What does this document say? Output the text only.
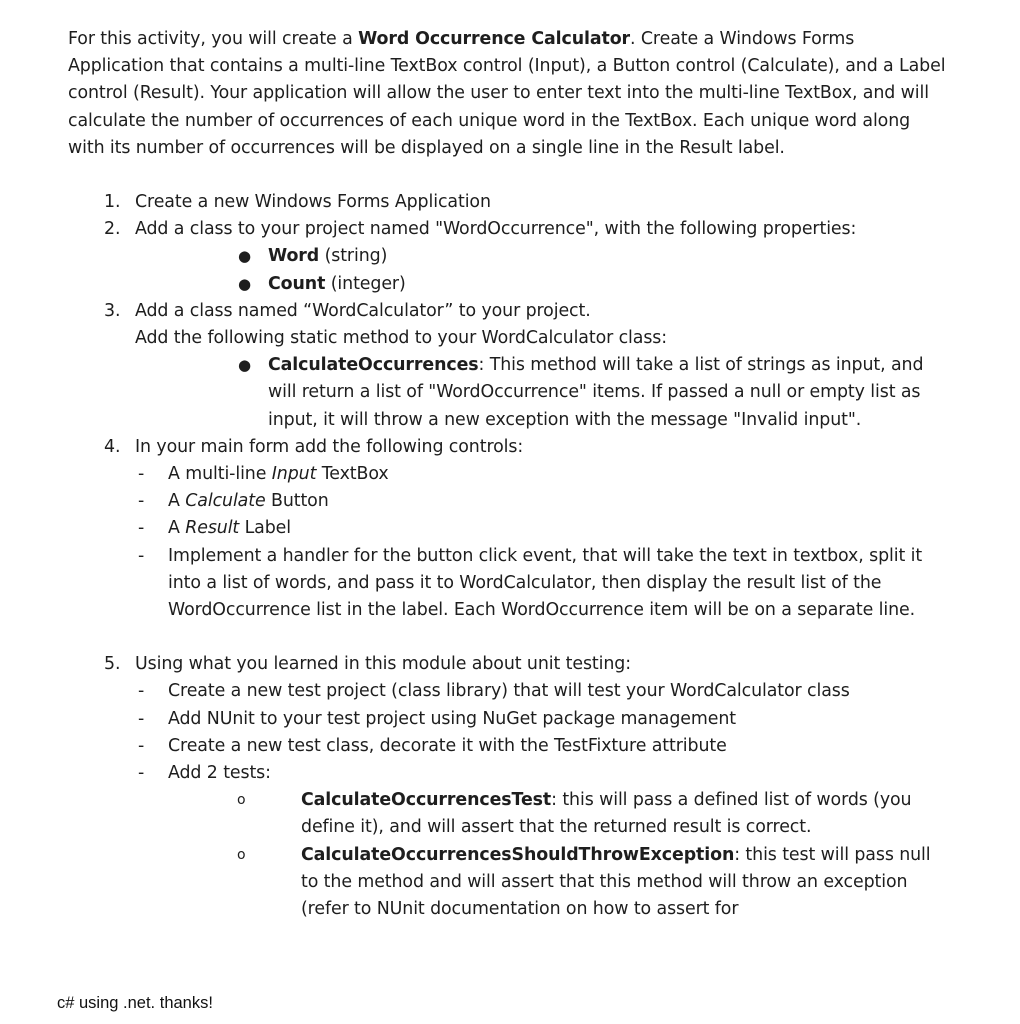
For this activity, you will create a Word Occurrence Calculator. Create a Windows Forms Application that contains a multi-line TextBox control (Input), a Button control (Calculate), and a Label control (Result). Your application will allow the user to enter text into the multi-line TextBox, and will calculate the number of occurrences of each unique word in the TextBox. Each unique word along with its number of occurrences will be displayed on a single line in the Result label.

1. Create a new Windows Forms Application
2. Add a class to your project named "WordOccurrence", with the following properties:
● Word (string)
● Count (integer)
3. Add a class named “WordCalculator” to your project.
Add the following static method to your WordCalculator class:
● CalculateOccurrences: This method will take a list of strings as input, and will return a list of "WordOccurrence" items. If passed a null or empty list as input, it will throw a new exception with the message "Invalid input".
4. In your main form add the following controls:
- A multi-line Input TextBox
- A Calculate Button
- A Result Label
- Implement a handler for the button click event, that will take the text in textbox, split it into a list of words, and pass it to WordCalculator, then display the result list of the WordOccurrence list in the label. Each WordOccurrence item will be on a separate line.
5. Using what you learned in this module about unit testing:
- Create a new test project (class library) that will test your WordCalculator class
- Add NUnit to your test project using NuGet package management
- Create a new test class, decorate it with the TestFixture attribute
- Add 2 tests:
o	CalculateOccurrencesTest: this will pass a defined list of words (you define it), and will assert that the returned result is correct.
o	CalculateOccurrencesShouldThrowException: this test will pass null to the method and will assert that this method will throw an exception (refer to NUnit documentation on how to assert for
c# using .net. thanks!
